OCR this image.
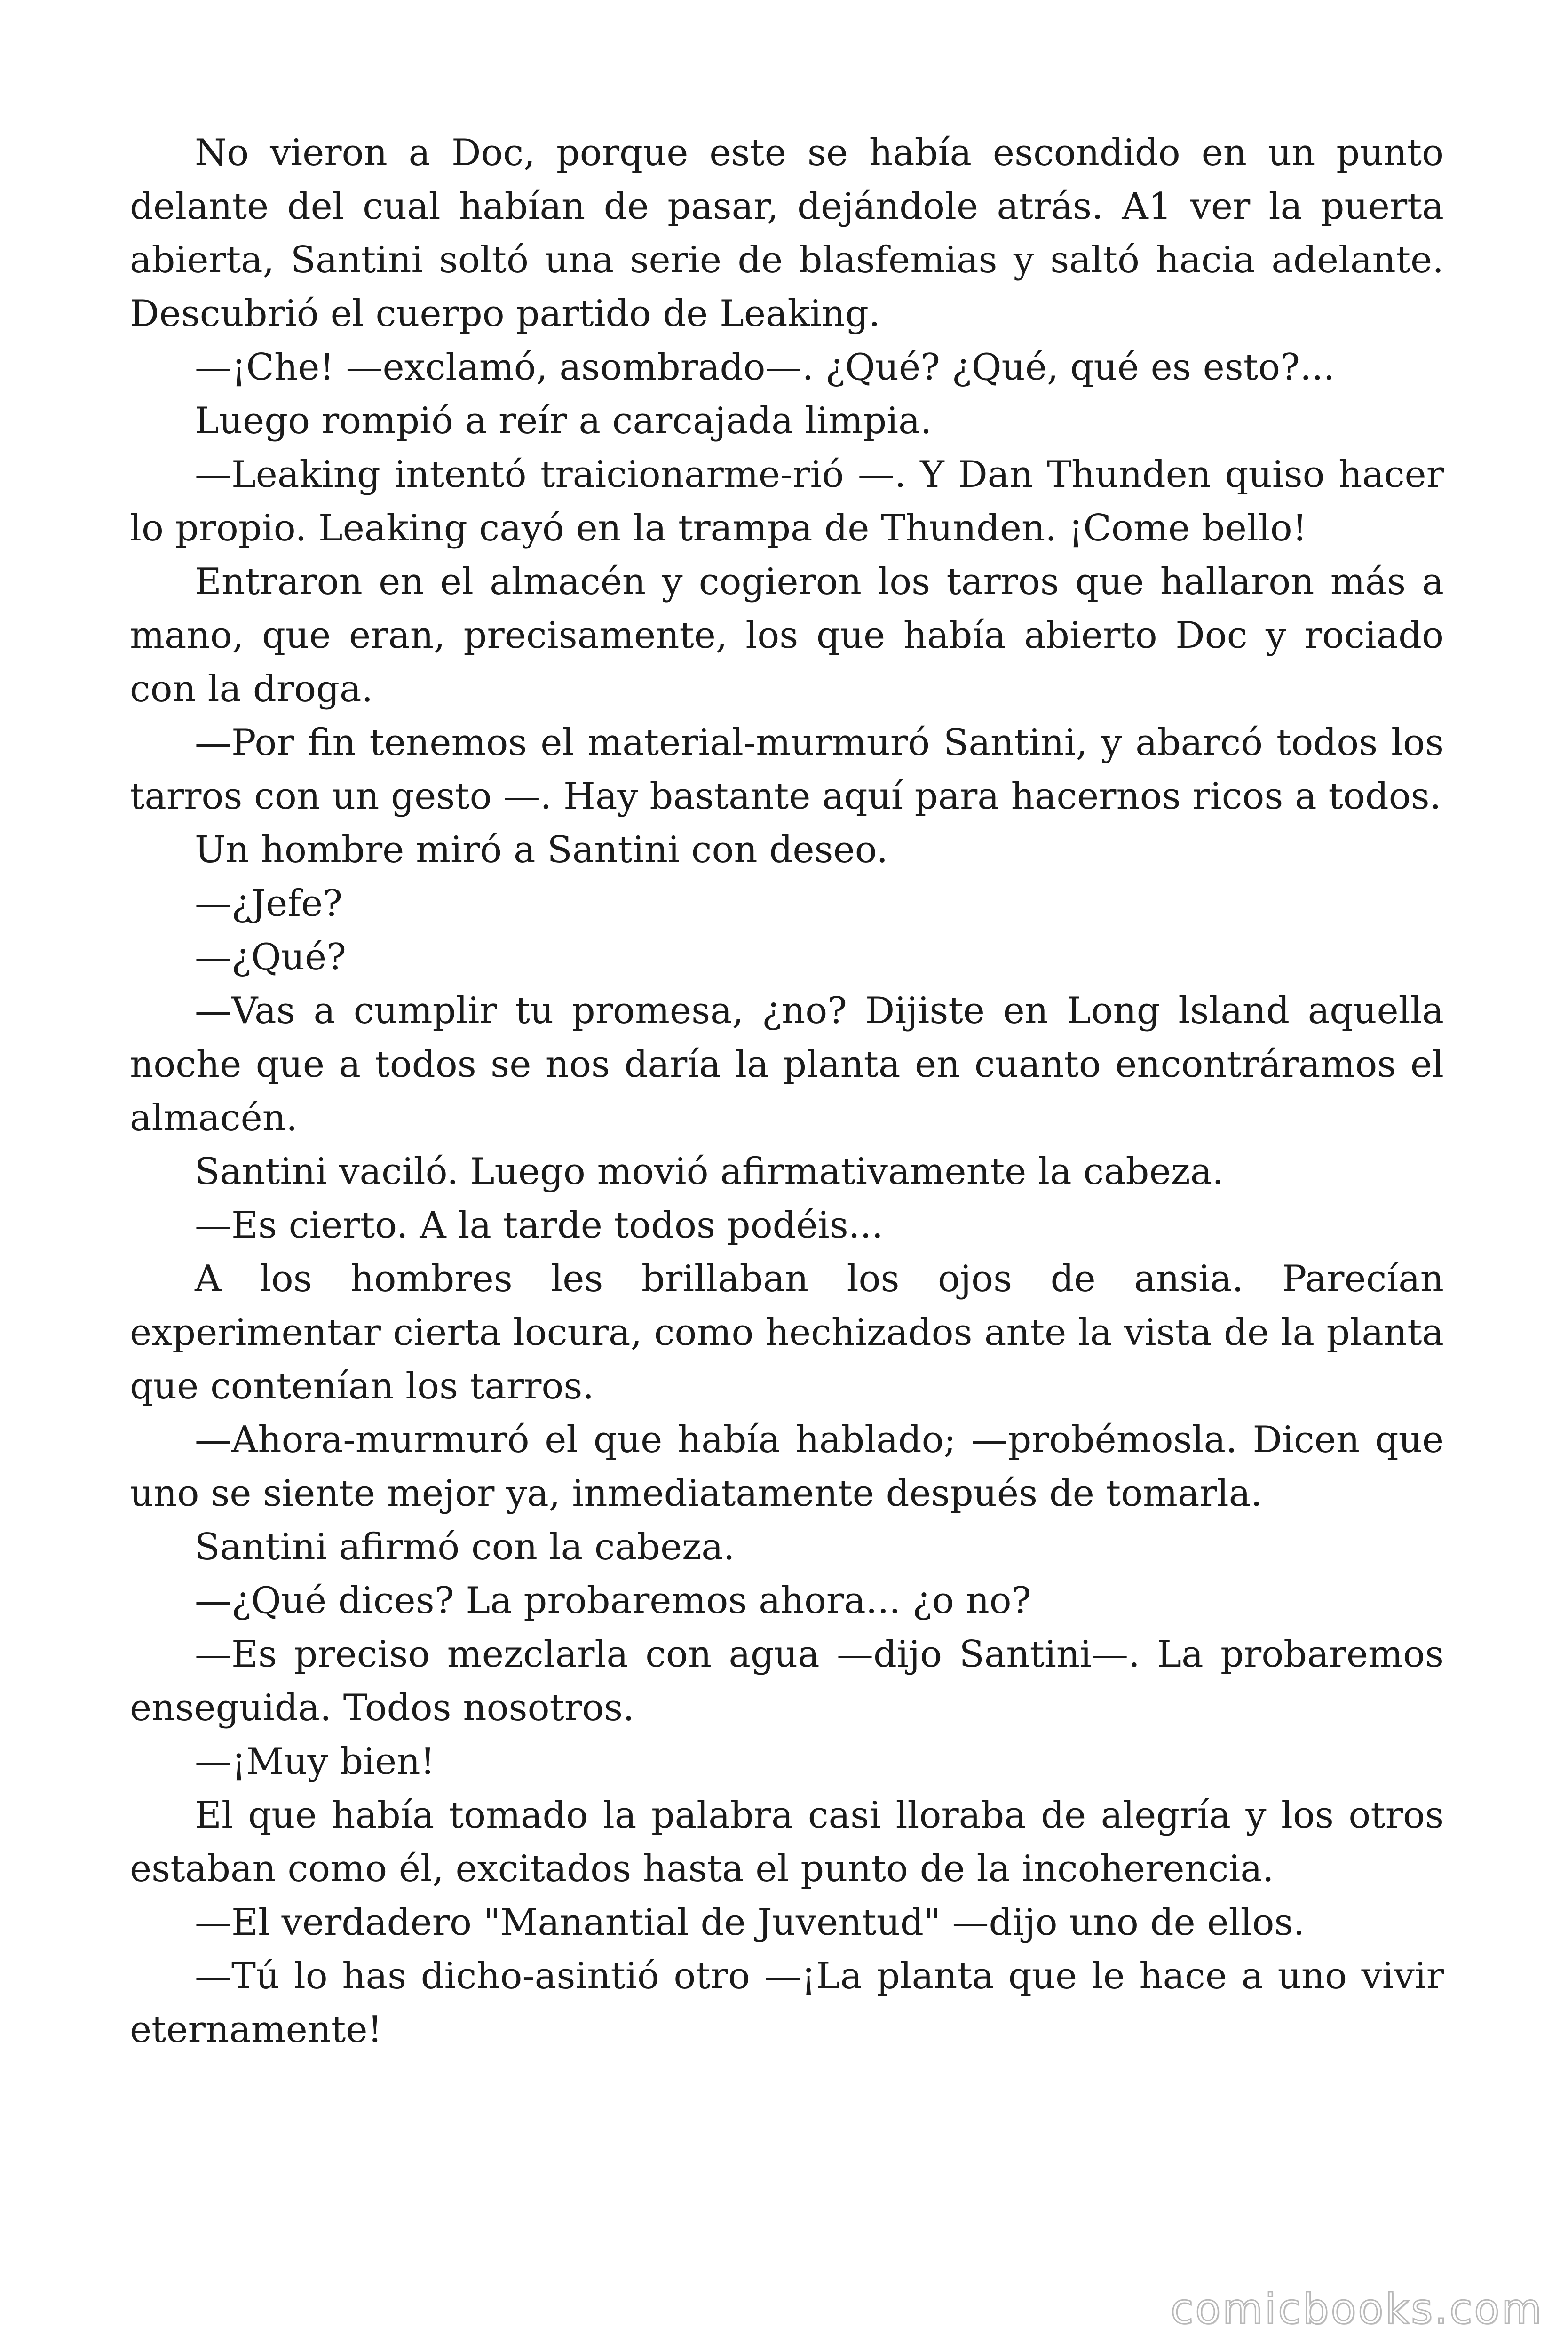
No vieron a Doc, porque este se había escondido en un punto delante del cual habían de pasar, dejándole atrás. A1 ver la puerta abierta, Santini soltó una serie de blasfemias y saltó hacia adelante. Descubrió el cuerpo partido de Leaking.

—¡Che! —exclamó, asombrado—. ¿Qué? ¿Qué, qué es esto?...

Luego rompió a reír a carcajada limpia.

—Leaking intentó traicionarme-rió —. Y Dan Thunden quiso hacer lo propio. Leaking cayó en la trampa de Thunden. ¡Come bello!

Entraron en el almacén y cogieron los tarros que hallaron más a mano, que eran, precisamente, los que había abierto Doc y rociado con la droga.

—Por fin tenemos el material-murmuró Santini, y abarcó todos los tarros con un gesto —. Hay bastante aquí para hacernos ricos a todos.

Un hombre miró a Santini con deseo.

—¿Jefe?

—¿Qué?

—Vas a cumplir tu promesa, ¿no? Dijiste en Long lsland aquella noche que a todos se nos daría la planta en cuanto encontráramos el almacén.

Santini vaciló. Luego movió afirmativamente la cabeza.

—Es cierto. A la tarde todos podéis...

A los hombres les brillaban los ojos de ansia. Parecían experimentar cierta locura, como hechizados ante la vista de la planta que contenían los tarros.

—Ahora-murmuró el que había hablado; —probémosla. Dicen que uno se siente mejor ya, inmediatamente después de tomarla.

Santini afirmó con la cabeza.

—¿Qué dices? La probaremos ahora... ¿o no?

—Es preciso mezclarla con agua —dijo Santini—. La probaremos enseguida. Todos nosotros.

—¡Muy bien!

El que había tomado la palabra casi lloraba de alegría y los otros estaban como él, excitados hasta el punto de la incoherencia.

—El verdadero "Manantial de Juventud" —dijo uno de ellos.

—Tú lo has dicho-asintió otro —¡La planta que le hace a uno vivir eternamente!

comicbooks.com
